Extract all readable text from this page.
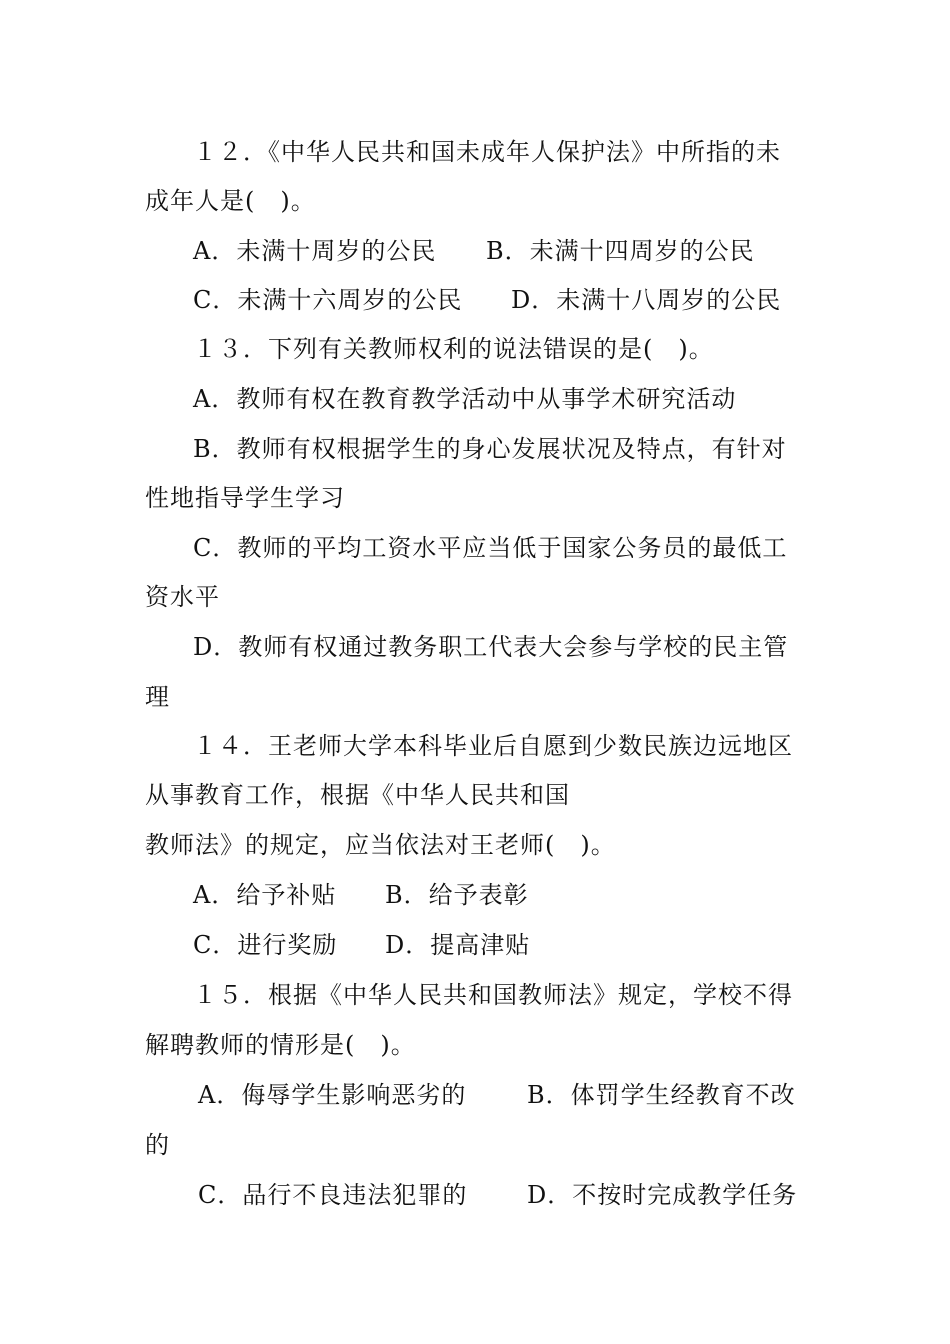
１２．《中华人民共和国未成年人保护法》中所指的未
成年人是(　)。
A．未满十周岁的公民 B．未满十四周岁的公民
C．未满十六周岁的公民 D．未满十八周岁的公民
１３．下列有关教师权利的说法错误的是(　)。
A．教师有权在教育教学活动中从事学术研究活动
B．教师有权根据学生的身心发展状况及特点，有针对
性地指导学生学习
C．教师的平均工资水平应当低于国家公务员的最低工
资水平
D．教师有权通过教务职工代表大会参与学校的民主管
理
１４．王老师大学本科毕业后自愿到少数民族边远地区
从事教育工作，根据《中华人民共和国
教师法》的规定，应当依法对王老师(　)。
A．给予补贴 B．给予表彰
C．进行奖励 D．提高津贴
１５．根据《中华人民共和国教师法》规定，学校不得
解聘教师的情形是(　)。
A．侮辱学生影响恶劣的	B．体罚学生经教育不改
的
C．品行不良违法犯罪的 D．不按时完成教学任务
